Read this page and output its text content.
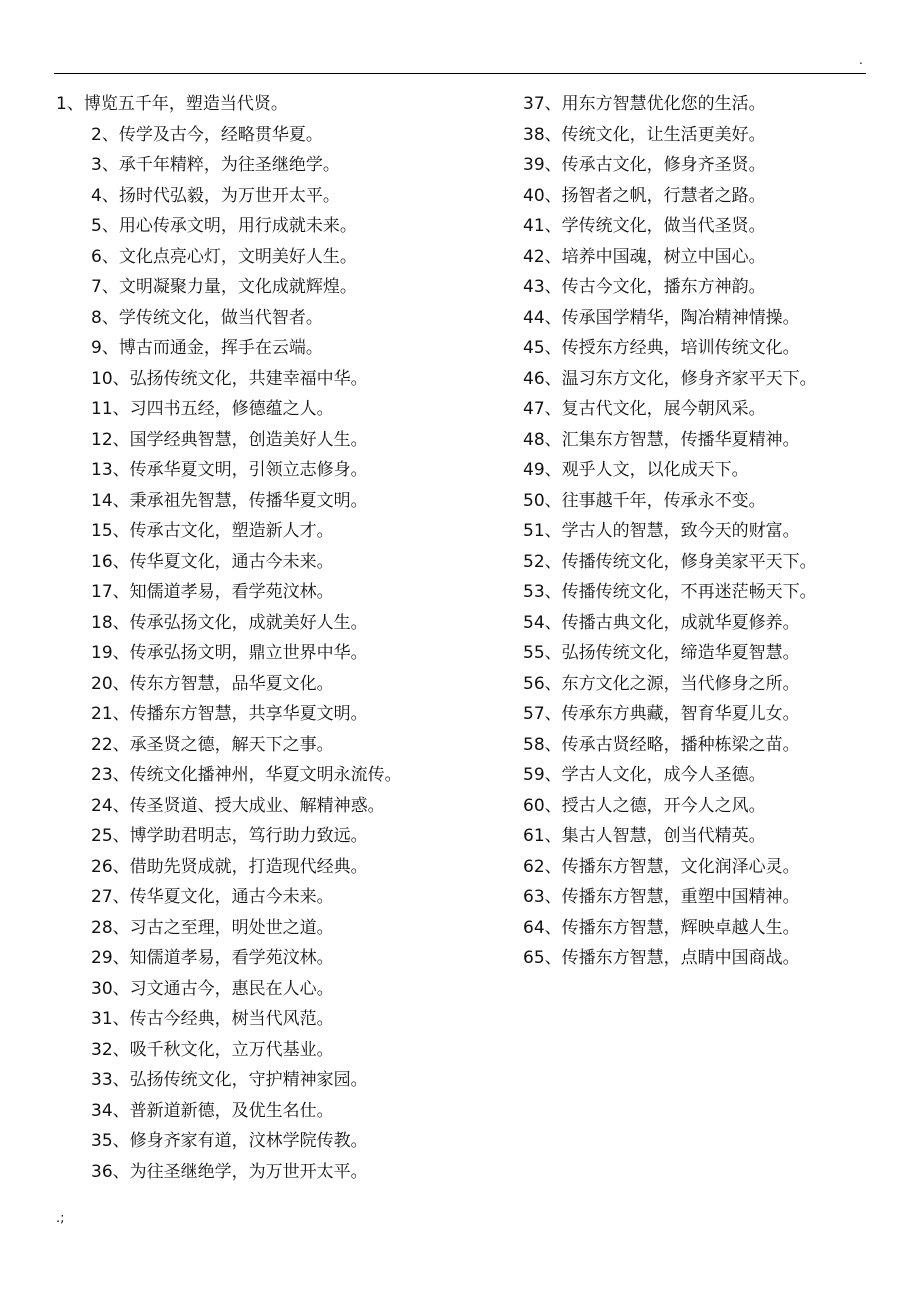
.
1、博览五千年，塑造当代贤。
2、传学及古今，经略贯华夏。
3、承千年精粹，为往圣继绝学。
4、扬时代弘毅，为万世开太平。
5、用心传承文明，用行成就未来。
6、文化点亮心灯，文明美好人生。
7、文明凝聚力量，文化成就辉煌。
8、学传统文化，做当代智者。
9、博古而通金，挥手在云端。
10、弘扬传统文化，共建幸福中华。
11、习四书五经，修德蕴之人。
12、国学经典智慧，创造美好人生。
13、传承华夏文明，引领立志修身。
14、秉承祖先智慧，传播华夏文明。
15、传承古文化，塑造新人才。
16、传华夏文化，通古今未来。
17、知儒道孝易，看学苑汶林。
18、传承弘扬文化，成就美好人生。
19、传承弘扬文明，鼎立世界中华。
20、传东方智慧，品华夏文化。
21、传播东方智慧，共享华夏文明。
22、承圣贤之德，解天下之事。
23、传统文化播神州，华夏文明永流传。
24、传圣贤道、授大成业、解精神惑。
25、博学助君明志，笃行助力致远。
26、借助先贤成就，打造现代经典。
27、传华夏文化，通古今未来。
28、习古之至理，明处世之道。
29、知儒道孝易，看学苑汶林。
30、习文通古今，惠民在人心。
31、传古今经典，树当代风范。
32、吸千秋文化，立万代基业。
33、弘扬传统文化，守护精神家园。
34、普新道新德，及优生名仕。
35、修身齐家有道，汶林学院传教。
36、为往圣继绝学，为万世开太平。
37、用东方智慧优化您的生活。
38、传统文化，让生活更美好。
39、传承古文化，修身齐圣贤。
40、扬智者之帆，行慧者之路。
41、学传统文化，做当代圣贤。
42、培养中国魂，树立中国心。
43、传古今文化，播东方神韵。
44、传承国学精华，陶冶精神情操。
45、传授东方经典，培训传统文化。
46、温习东方文化，修身齐家平天下。
47、复古代文化，展今朝风采。
48、汇集东方智慧，传播华夏精神。
49、观乎人文，以化成天下。
50、往事越千年，传承永不变。
51、学古人的智慧，致今天的财富。
52、传播传统文化，修身美家平天下。
53、传播传统文化，不再迷茫畅天下。
54、传播古典文化，成就华夏修养。
55、弘扬传统文化，缔造华夏智慧。
56、东方文化之源，当代修身之所。
57、传承东方典藏，智育华夏儿女。
58、传承古贤经略，播种栋梁之苗。
59、学古人文化，成今人圣德。
60、授古人之德，开今人之风。
61、集古人智慧，创当代精英。
62、传播东方智慧，文化润泽心灵。
63、传播东方智慧，重塑中国精神。
64、传播东方智慧，辉映卓越人生。
65、传播东方智慧，点睛中国商战。
.;
